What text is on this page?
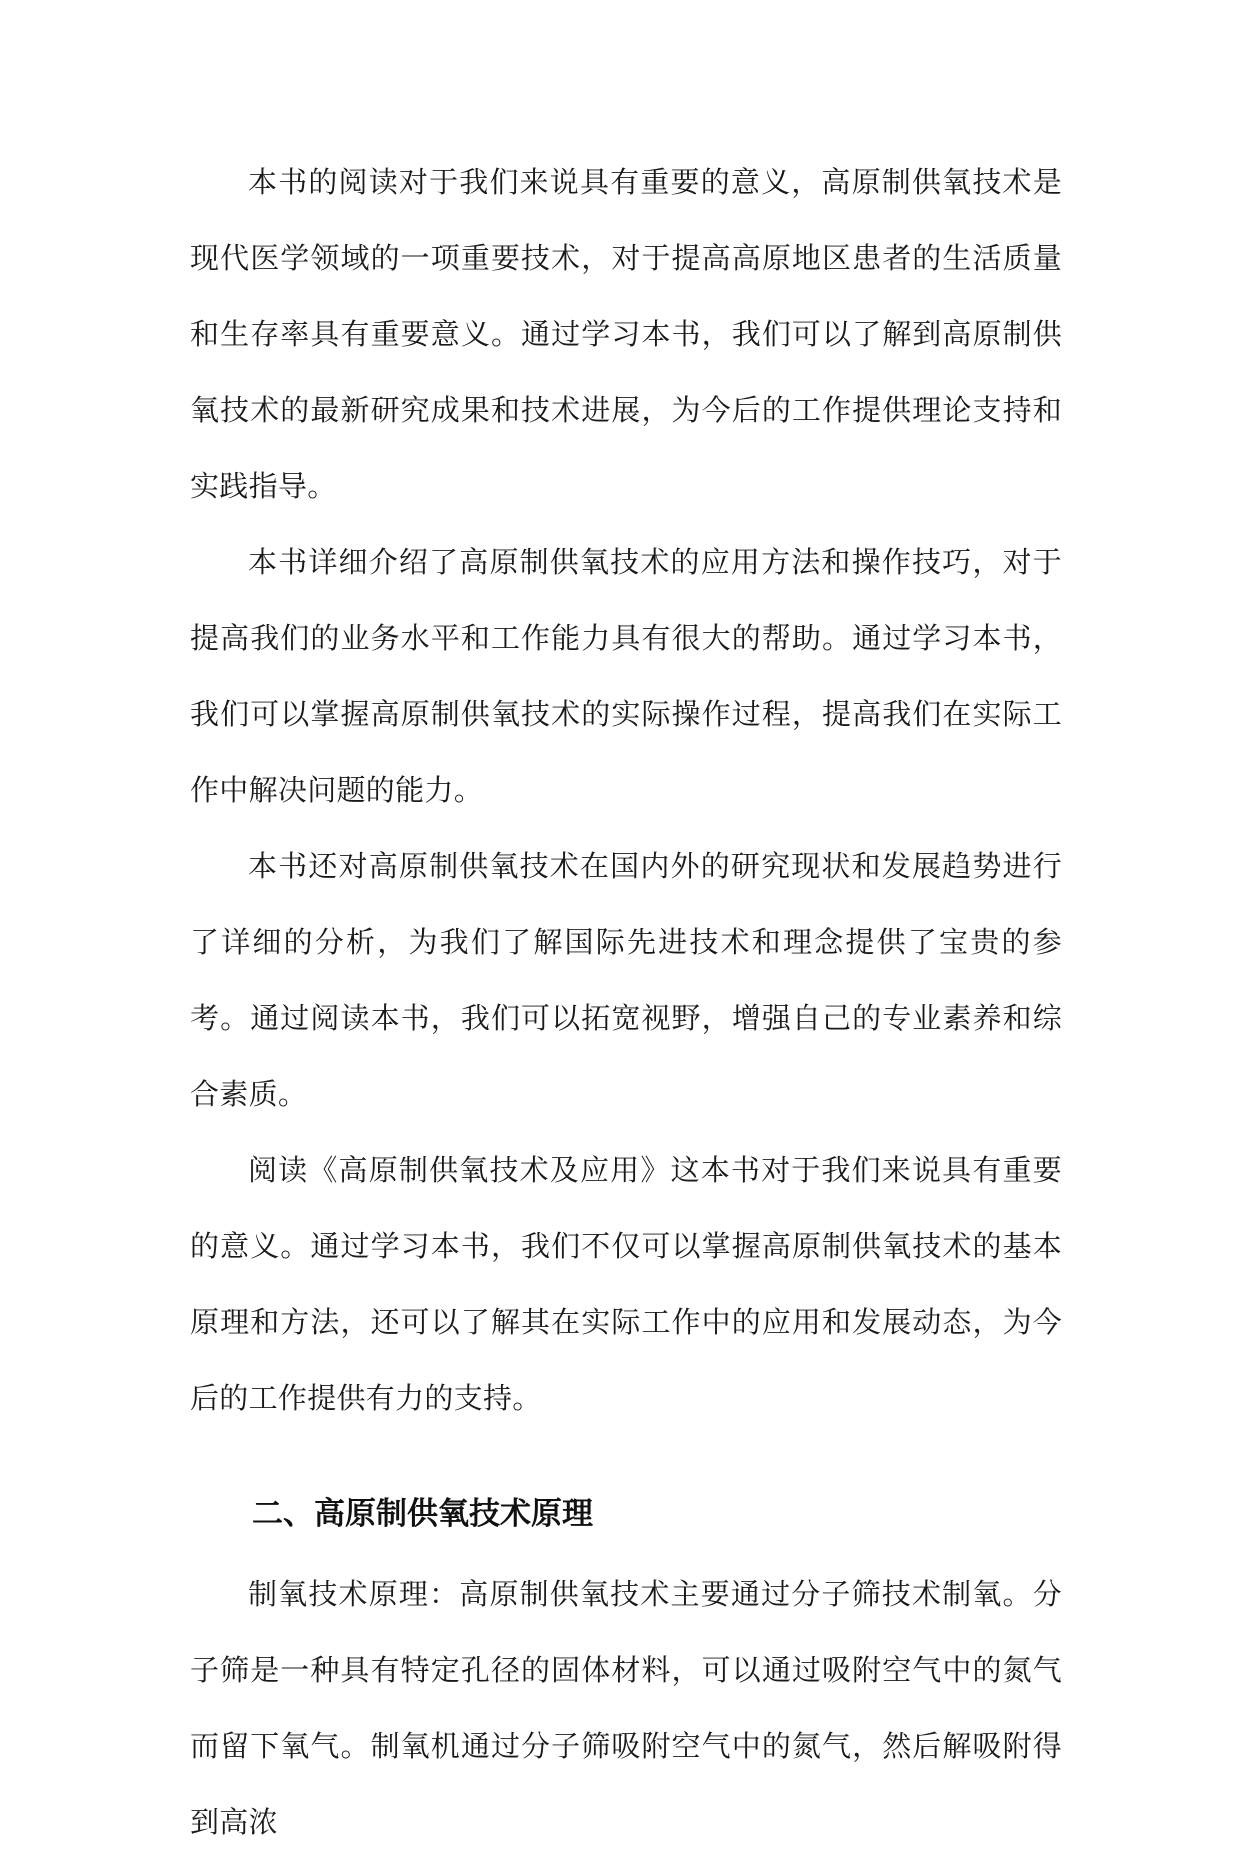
本书的阅读对于我们来说具有重要的意义，高原制供氧技术是现代医学领域的一项重要技术，对于提高高原地区患者的生活质量和生存率具有重要意义。通过学习本书，我们可以了解到高原制供氧技术的最新研究成果和技术进展，为今后的工作提供理论支持和实践指导。

本书详细介绍了高原制供氧技术的应用方法和操作技巧，对于提高我们的业务水平和工作能力具有很大的帮助。通过学习本书，我们可以掌握高原制供氧技术的实际操作过程，提高我们在实际工作中解决问题的能力。

本书还对高原制供氧技术在国内外的研究现状和发展趋势进行了详细的分析，为我们了解国际先进技术和理念提供了宝贵的参考。通过阅读本书，我们可以拓宽视野，增强自己的专业素养和综合素质。

阅读《高原制供氧技术及应用》这本书对于我们来说具有重要的意义。通过学习本书，我们不仅可以掌握高原制供氧技术的基本原理和方法，还可以了解其在实际工作中的应用和发展动态，为今后的工作提供有力的支持。

二、高原制供氧技术原理

制氧技术原理：高原制供氧技术主要通过分子筛技术制氧。分子筛是一种具有特定孔径的固体材料，可以通过吸附空气中的氮气而留下氧气。制氧机通过分子筛吸附空气中的氮气，然后解吸附得到高浓
